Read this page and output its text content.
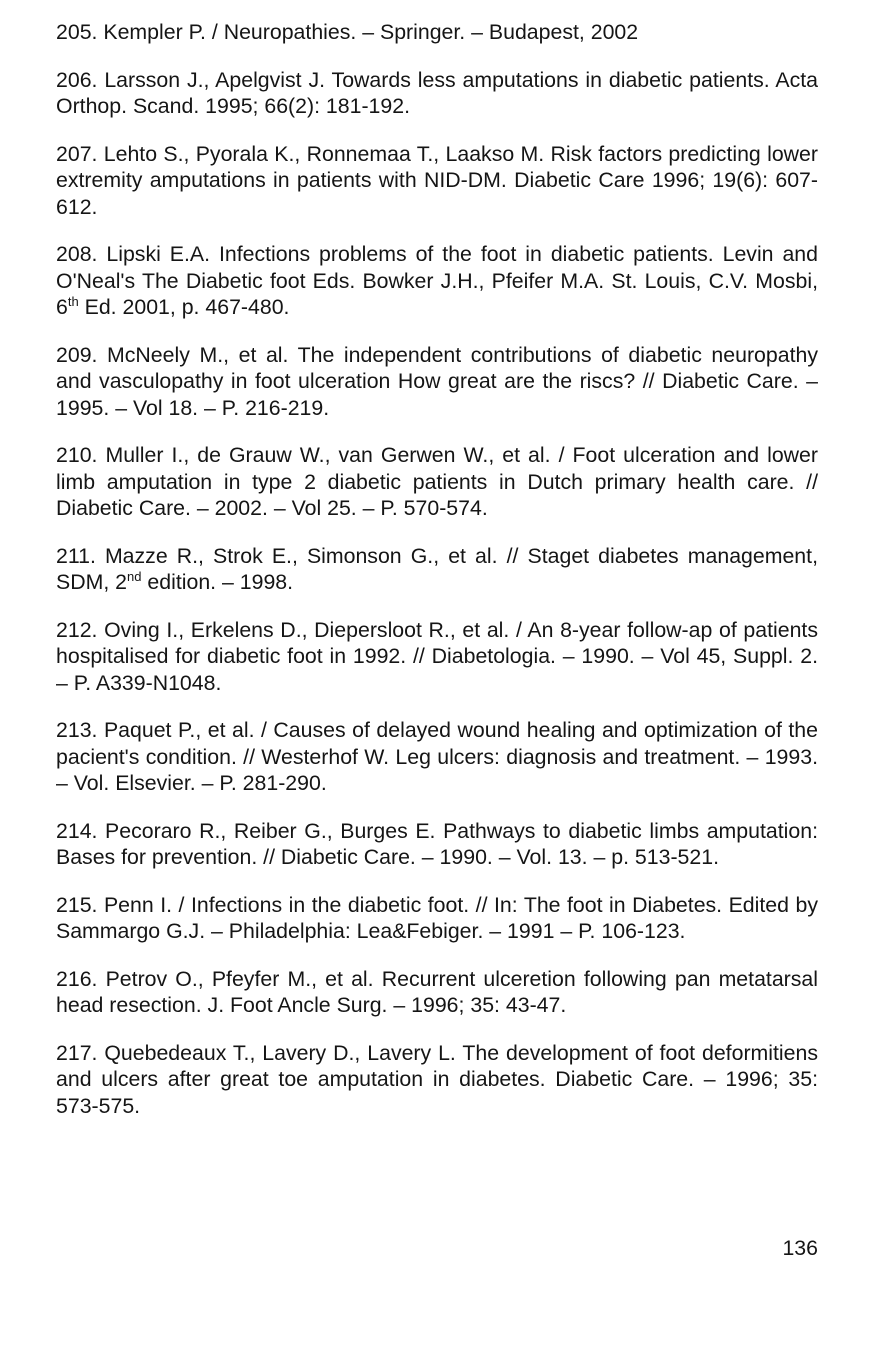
205. Kempler P. / Neuropathies. – Springer. – Budapest, 2002

206. Larsson J., Apelgvist J. Towards less amputations in diabetic patients. Acta Orthop. Scand. 1995; 66(2): 181-192.

207. Lehto S., Pyorala K., Ronnemaa T., Laakso M. Risk factors predicting lower extremity amputations in patients with NID-DM. Diabetic Care 1996; 19(6): 607-612.

208. Lipski E.A. Infections problems of the foot in diabetic patients. Levin and O'Neal's The Diabetic foot Eds. Bowker J.H., Pfeifer M.A. St. Louis, C.V. Mosbi, 6th Ed. 2001, p. 467-480.

209. McNeely M., et al. The independent contributions of diabetic neuropathy and vasculopathy in foot ulceration How great are the riscs? // Diabetic Care. – 1995. – Vol 18. – P. 216-219.

210. Muller I., de Grauw W., van Gerwen W., et al. / Foot ulceration and lower limb amputation in type 2 diabetic patients in Dutch primary health care. // Diabetic Care. – 2002. – Vol 25. – P. 570-574.

211. Mazze R., Strok E., Simonson G., et al. // Staget diabetes management, SDM, 2nd edition. – 1998.

212. Oving I., Erkelens D., Diepersloot R., et al. / An 8-year follow-ap of patients hospitalised for diabetic foot in 1992. // Diabetologia. – 1990. – Vol 45, Suppl. 2. – P. A339-N1048.

213. Paquet P., et al. / Causes of delayed wound healing and optimization of the pacient's condition. // Westerhof W. Leg ulcers: diagnosis and treatment. – 1993. – Vol. Elsevier. – P. 281-290.

214. Pecoraro R., Reiber G., Burges E. Pathways to diabetic limbs amputation: Bases for prevention. // Diabetic Care. – 1990. – Vol. 13. – p. 513-521.

215. Penn I. / Infections in the diabetic foot. // In: The foot in Diabetes. Edited by Sammargo G.J. – Philadelphia: Lea&Febiger. – 1991 – P. 106-123.

216. Petrov O., Pfeyfer M., et al. Recurrent ulceretion following pan metatarsal head resection. J. Foot Ancle Surg. – 1996; 35: 43-47.

217. Quebedeaux T., Lavery D., Lavery L. The development of foot deformitiens and ulcers after great toe amputation in diabetes. Diabetic Care. – 1996; 35: 573-575.

136
